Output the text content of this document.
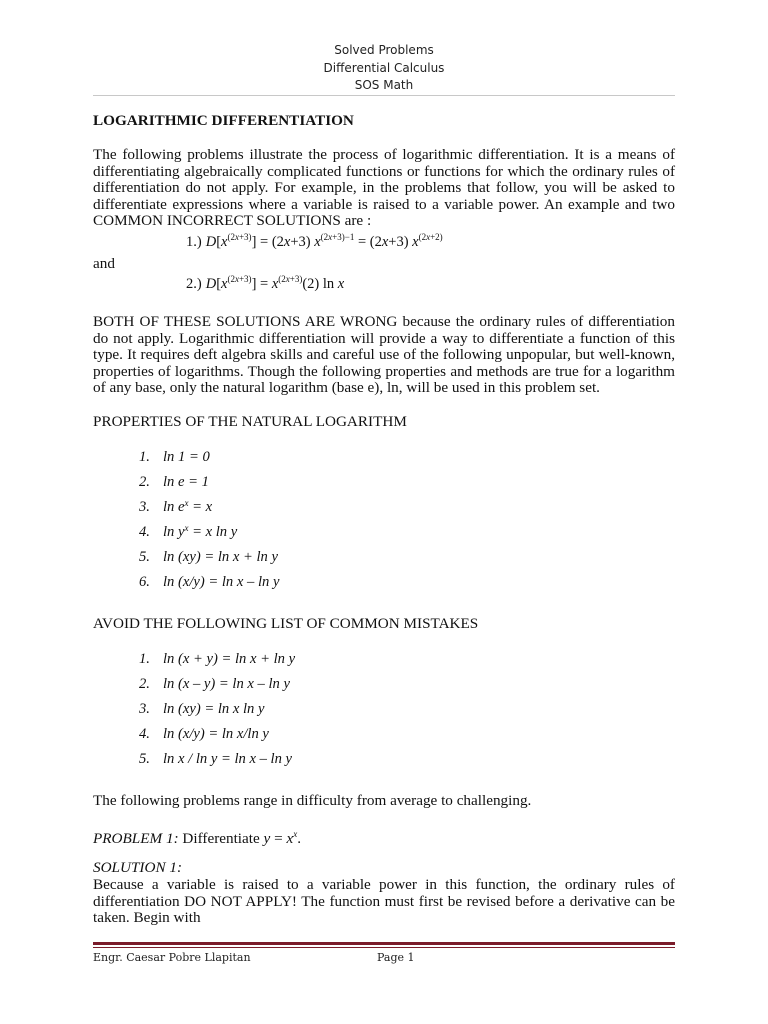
Solved Problems
Differential Calculus
SOS Math
LOGARITHMIC DIFFERENTIATION
The following problems illustrate the process of logarithmic differentiation. It is a means of differentiating algebraically complicated functions or functions for which the ordinary rules of differentiation do not apply. For example, in the problems that follow, you will be asked to differentiate expressions where a variable is raised to a variable power. An example and two COMMON INCORRECT SOLUTIONS are :
1.) $D[x^{(2x+3)}] = (2x+3) x^{(2x+3)-1} = (2x+3)$ $x^{(2x+2)}$
and
2.) $D[x^{(2x+3)}] = x^{(2x+3)}(2)$ ln x
BOTH OF THESE SOLUTIONS ARE WRONG because the ordinary rules of differentiation do not apply. Logarithmic differentiation will provide a way to differentiate a function of this type. It requires deft algebra skills and careful use of the following unpopular, but well-known, properties of logarithms. Though the following properties and methods are true for a logarithm of any base, only the natural logarithm (base e), ln, will be used in this problem set.
PROPERTIES OF THE NATURAL LOGARITHM
1. ln 1 = 0
2. ln e = 1
3. $\ln e^x = x$
4. $\ln y^x = x$ ln y
5. ln (xy) = ln x + ln y
6. ln (x/y) = ln x – ln y
AVOID THE FOLLOWING LIST OF COMMON MISTAKES
1. ln (x + y) = ln x + ln y
2. ln (x – y) = ln x – ln y
3. ln (xy) = ln x ln y
4. ln (x/y) = ln x/ln y
5. ln x / ln y = ln x – ln y
The following problems range in difficulty from average to challenging.
PROBLEM 1: Differentiate $y = x^x$.
SOLUTION 1:
Because a variable is raised to a variable power in this function, the ordinary rules of differentiation DO NOT APPLY! The function must first be revised before a derivative can be taken. Begin with
Engr. Caesar Pobre Llapitan	Page 1
